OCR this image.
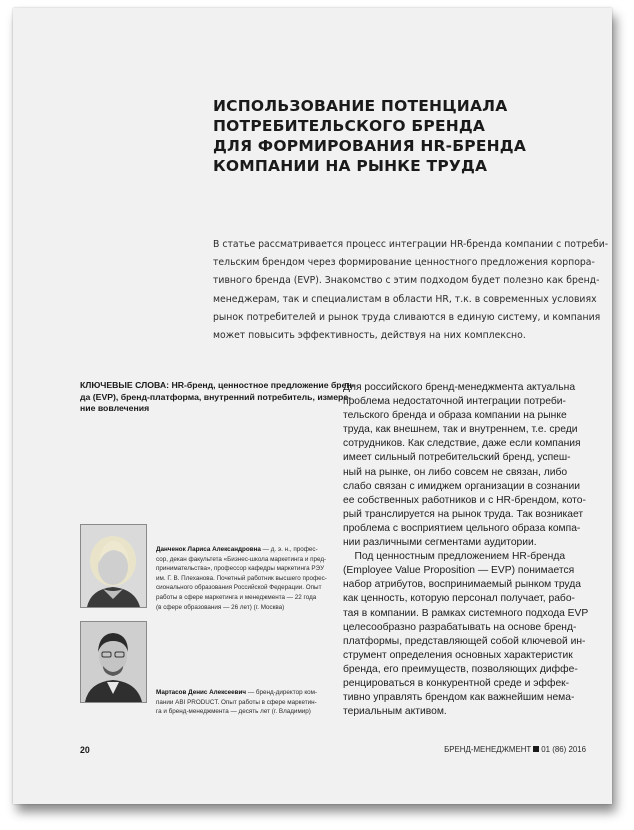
ИСПОЛЬЗОВАНИЕ ПОТЕНЦИАЛА
ПОТРЕБИТЕЛЬСКОГО БРЕНДА
ДЛЯ ФОРМИРОВАНИЯ HR-БРЕНДА
КОМПАНИИ НА РЫНКЕ ТРУДА
В статье рассматривается процесс интеграции HR-бренда компании с потреби-
тельским брендом через формирование ценностного предложения корпора-
тивного бренда (EVP). Знакомство с этим подходом будет полезно как бренд-
менеджерам, так и специалистам в области HR, т.к. в современных условиях
рынок потребителей и рынок труда сливаются в единую систему, и компания
может повысить эффективность, действуя на них комплексно.
КЛЮЧЕВЫЕ СЛОВА: HR-бренд, ценностное предложение брен-
да (EVP), бренд-платформа, внутренний потребитель, измере-
ние вовлечения
Для российского бренд-менеджмента актуальна
проблема недостаточной интеграции потреби-
тельского бренда и образа компании на рынке
труда, как внешнем, так и внутреннем, т.е. среди
сотрудников. Как следствие, даже если компания
имеет сильный потребительский бренд, успеш-
ный на рынке, он либо совсем не связан, либо
слабо связан с имиджем организации в сознании
ее собственных работников и с HR-брендом, кото-
рый транслируется на рынок труда. Так возникает
проблема с восприятием цельного образа компа-
нии различными сегментами аудитории.
Под ценностным предложением HR-бренда
(Employee Value Proposition — EVP) понимается
набор атрибутов, воспринимаемый рынком труда
как ценность, которую персонал получает, рабо-
тая в компании. В рамках системного подхода EVP
целесообразно разрабатывать на основе бренд-
платформы, представляющей собой ключевой ин-
струмент определения основных характеристик
бренда, его преимуществ, позволяющих диффе-
ренцироваться в конкурентной среде и эффек-
тивно управлять брендом как важнейшим нема-
териальным активом.
Данченок Лариса Александровна — д. э. н., профес-
сор, декан факультета «Бизнес-школа маркетинга и пред-
принимательства», профессор кафедры маркетинга РЭУ
им. Г. В. Плеханова. Почетный работник высшего профес-
сионального образования Российской Федерации. Опыт
работы в сфере маркетинга и менеджмента — 22 года
(в сфере образования — 26 лет) (г. Москва)
Мартасов Денис Алексеевич — бренд-директор ком-
пании ABI PRODUCT. Опыт работы в сфере маркетин-
га и бренд-менеджмента — десять лет (г. Владимир)
20	БРЕНД-МЕНЕДЖМЕНТ 01 (86) 2016
